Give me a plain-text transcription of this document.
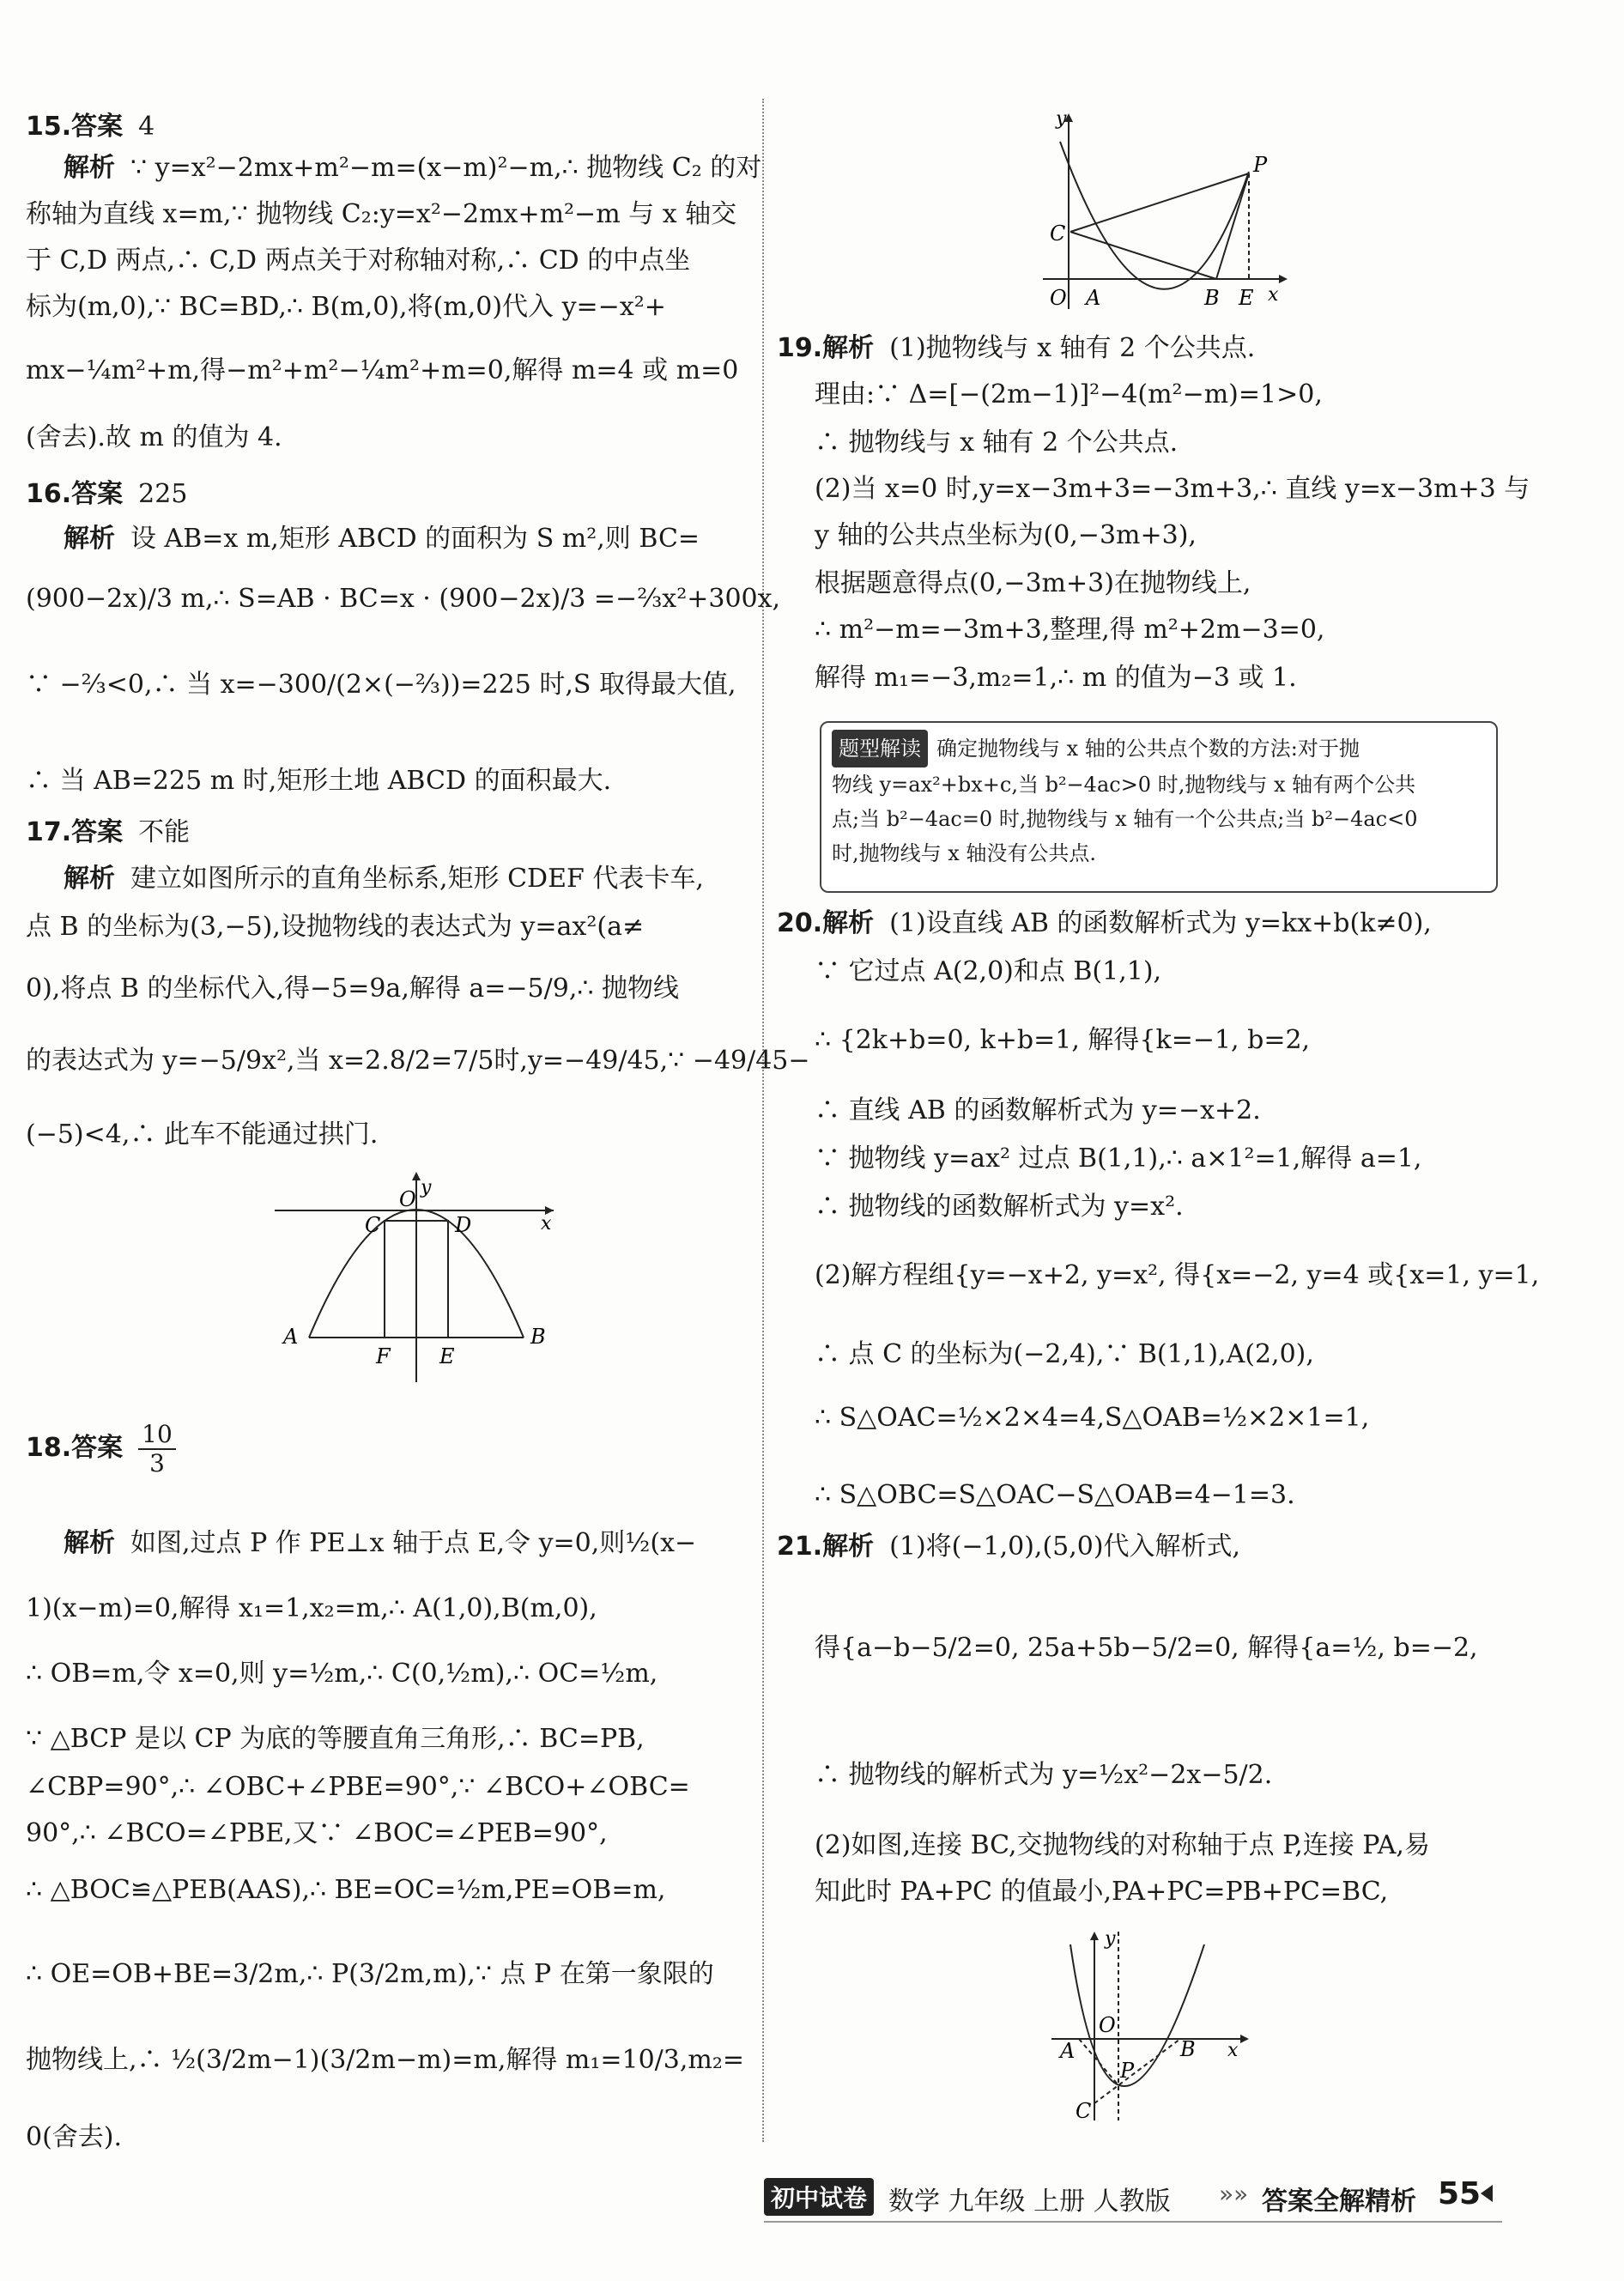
15.答案 4
解析 ∵ y=x²−2mx+m²−m=(x−m)²−m,∴ 抛物线 C₂ 的对
称轴为直线 x=m,∵ 抛物线 C₂:y=x²−2mx+m²−m 与 x 轴交
于 C,D 两点,∴ C,D 两点关于对称轴对称,∴ CD 的中点坐
标为(m,0),∵ BC=BD,∴ B(m,0),将(m,0)代入 y=−x²+
mx−¼m²+m,得−m²+m²−¼m²+m=0,解得 m=4 或 m=0
(舍去).故 m 的值为 4.
16.答案 225
解析 设 AB=x m,矩形 ABCD 的面积为 S m²,则 BC=
(900−2x)/3 m,∴ S=AB · BC=x · (900−2x)/3 =−⅔x²+300x,
∵ −⅔<0,∴ 当 x=−300/(2×(−⅔))=225 时,S 取得最大值,
∴ 当 AB=225 m 时,矩形土地 ABCD 的面积最大.
17.答案 不能
解析 建立如图所示的直角坐标系,矩形 CDEF 代表卡车,
点 B 的坐标为(3,−5),设抛物线的表达式为 y=ax²(a≠
0),将点 B 的坐标代入,得−5=9a,解得 a=−5/9,∴ 抛物线
的表达式为 y=−5/9x²,当 x=2.8/2=7/5时,y=−49/45,∵ −49/45−
(−5)<4,∴ 此车不能通过拱门.
y
O
C	D	x
A
F E
B
18.答案 $\frac{10}{3}$
解析 如图,过点 P 作 PE⊥x 轴于点 E,令 y=0,则½(x−
1)(x−m)=0,解得 x₁=1,x₂=m,∴ A(1,0),B(m,0),
∴ OB=m,令 x=0,则 y=½m,∴ C(0,½m),∴ OC=½m,
∵ △BCP 是以 CP 为底的等腰直角三角形,∴ BC=PB,
∠CBP=90°,∴ ∠OBC+∠PBE=90°,∵ ∠BCO+∠OBC=
90°,∴ ∠BCO=∠PBE,又∵ ∠BOC=∠PEB=90°,
∴ △BOC≌△PEB(AAS),∴ BE=OC=½m,PE=OB=m,
∴ OE=OB+BE=3/2m,∴ P(3/2m,m),∵ 点 P 在第一象限的
抛物线上,∴ ½(3/2m−1)(3/2m−m)=m,解得 m₁=10/3,m₂=
0(舍去).
y
P
C
O A	B E x
19.解析 (1)抛物线与 x 轴有 2 个公共点.
理由:∵ Δ=[−(2m−1)]²−4(m²−m)=1>0,
∴ 抛物线与 x 轴有 2 个公共点.
(2)当 x=0 时,y=x−3m+3=−3m+3,∴ 直线 y=x−3m+3 与
y 轴的公共点坐标为(0,−3m+3),
根据题意得点(0,−3m+3)在抛物线上,
∴ m²−m=−3m+3,整理,得 m²+2m−3=0,
解得 m₁=−3,m₂=1,∴ m 的值为−3 或 1.
题型解读 确定抛物线与 x 轴的公共点个数的方法:对于抛
物线 y=ax²+bx+c,当 b²−4ac>0 时,抛物线与 x 轴有两个公共
点;当 b²−4ac=0 时,抛物线与 x 轴有一个公共点;当 b²−4ac<0
时,抛物线与 x 轴没有公共点.
20.解析 (1)设直线 AB 的函数解析式为 y=kx+b(k≠0),
∵ 它过点 A(2,0)和点 B(1,1),
∴ {2k+b=0, k+b=1, 解得{k=−1, b=2,
∴ 直线 AB 的函数解析式为 y=−x+2.
∵ 抛物线 y=ax² 过点 B(1,1),∴ a×1²=1,解得 a=1,
∴ 抛物线的函数解析式为 y=x².
(2)解方程组{y=−x+2, y=x², 得{x=−2, y=4 或{x=1, y=1,
∴ 点 C 的坐标为(−2,4),∵ B(1,1),A(2,0),
∴ S△OAC=½×2×4=4,S△OAB=½×2×1=1,
∴ S△OBC=S△OAC−S△OAB=4−1=3.
21.解析 (1)将(−1,0),(5,0)代入解析式,
得{a−b−5/2=0, 25a+5b−5/2=0, 解得{a=½, b=−2,
∴ 抛物线的解析式为 y=½x²−2x−5/2.
(2)如图,连接 BC,交抛物线的对称轴于点 P,连接 PA,易
知此时 PA+PC 的值最小,PA+PC=PB+PC=BC,
y
O
A	B x
P
C
初中试卷 数学 九年级 上册 人教版 »» 答案全解精析 55
